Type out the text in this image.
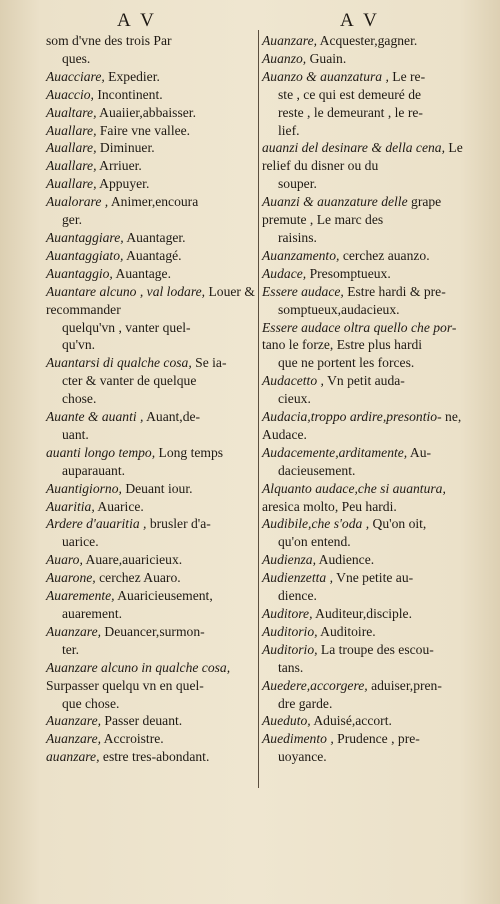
A V	A V
som d'vne des trois Par
ques.
Auacciare, Expedier.
Auaccio, Incontinent.
Aualtare, Auaiier,abbaisser.
Auallare, Faire vne vallee.
Auallare, Diminuer.
Auallare, Arriuer.
Auallare, Appuyer.
Aualorare , Animer,encoura
ger.
Auantaggiare, Auantager.
Auantaggiato, Auantagé.
Auantaggio, Auantage.
Auantare alcuno , val lodare, Louer & recommander
quelqu'vn , vanter quel-
qu'vn.
Auantarsi di qualche cosa, Se ia-
cter & vanter de quelque
chose.
Auante & auanti , Auant,de-
uant.
auanti longo tempo, Long temps
auparauant.
Auantigiorno, Deuant iour.
Auaritia, Auarice.
Ardere d'auaritia , brusler d'a-
uarice.
Auaro, Auare,auaricieux.
Auarone, cerchez Auaro.
Auaremente, Auaricieusement,
auarement.
Auanzare, Deuancer,surmon-
ter.
Auanzare alcuno in qualche cosa, Surpasser quelqu vn en quel-
que chose.
Auanzare, Passer deuant.
Auanzare, Accroistre.
auanzare, estre tres-abondant.
Auanzare, Acquester,gagner.
Auanzo, Guain.
Auanzo & auanzatura , Le re-
ste , ce qui est demeuré de
reste , le demeurant , le re-
lief.
auanzi del desinare & della cena, Le relief du disner ou du
souper.
Auanzi & auanzature delle grape premute , Le marc des
raisins.
Auanzamento, cerchez auanzo.
Audace, Presomptueux.
Essere audace, Estre hardi & pre-
somptueux,audacieux.
Essere audace oltra quello che por- tano le forze, Estre plus hardi
que ne portent les forces.
Audacetto , Vn petit auda-
cieux.
Audacia,troppo ardire,presontio- ne, Audace.
Audacemente,arditamente, Au-
dacieusement.
Alquanto audace,che si auantura, aresica molto, Peu hardi.
Audibile,che s'oda , Qu'on oit,
qu'on entend.
Audienza, Audience.
Audienzetta , Vne petite au-
dience.
Auditore, Auditeur,disciple.
Auditorio, Auditoire.
Auditorio, La troupe des escou-
tans.
Auedere,accorgere, aduiser,pren-
dre garde.
Aueduto, Aduisé,accort.
Auedimento , Prudence , pre-
uoyance.
